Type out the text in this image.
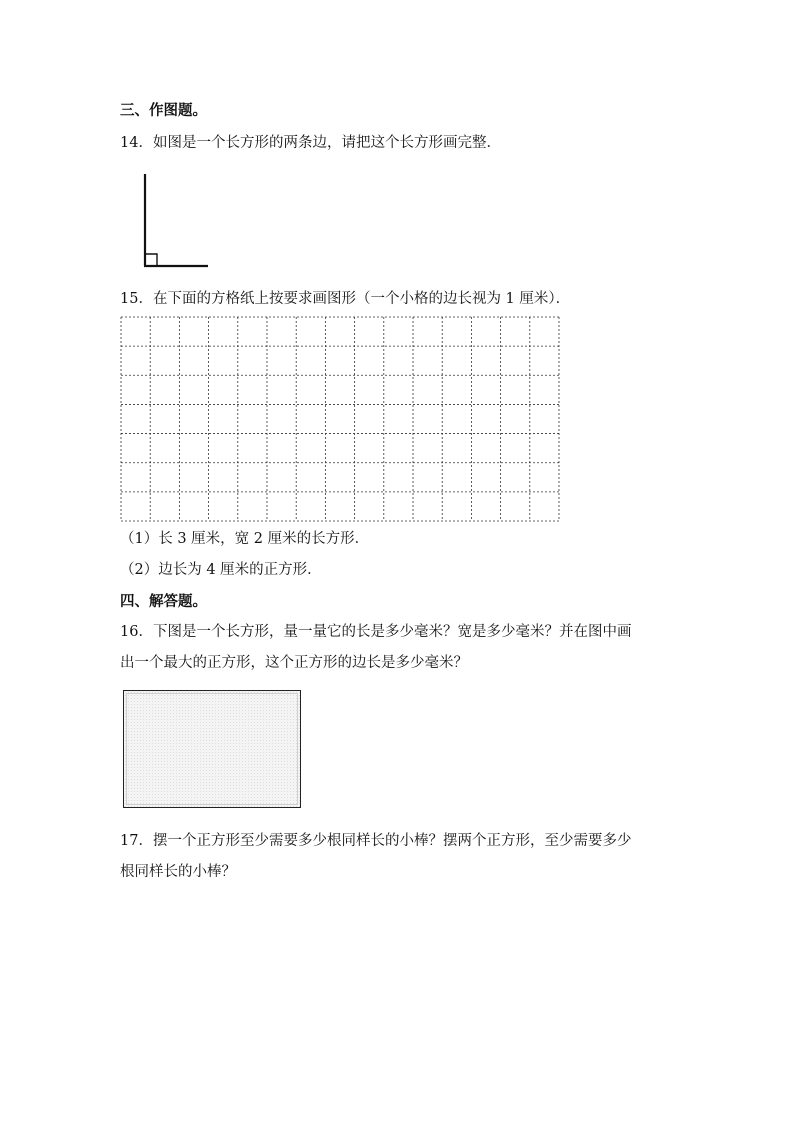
三、作图题。
14．如图是一个长方形的两条边，请把这个长方形画完整．
15．在下面的方格纸上按要求画图形（一个小格的边长视为 1 厘米）．
（1）长 3 厘米，宽 2 厘米的长方形．
（2）边长为 4 厘米的正方形．
四、解答题。
16．下图是一个长方形，量一量它的长是多少毫米？宽是多少毫米？并在图中画
出一个最大的正方形，这个正方形的边长是多少毫米？
17．摆一个正方形至少需要多少根同样长的小棒？摆两个正方形，至少需要多少
根同样长的小棒？
